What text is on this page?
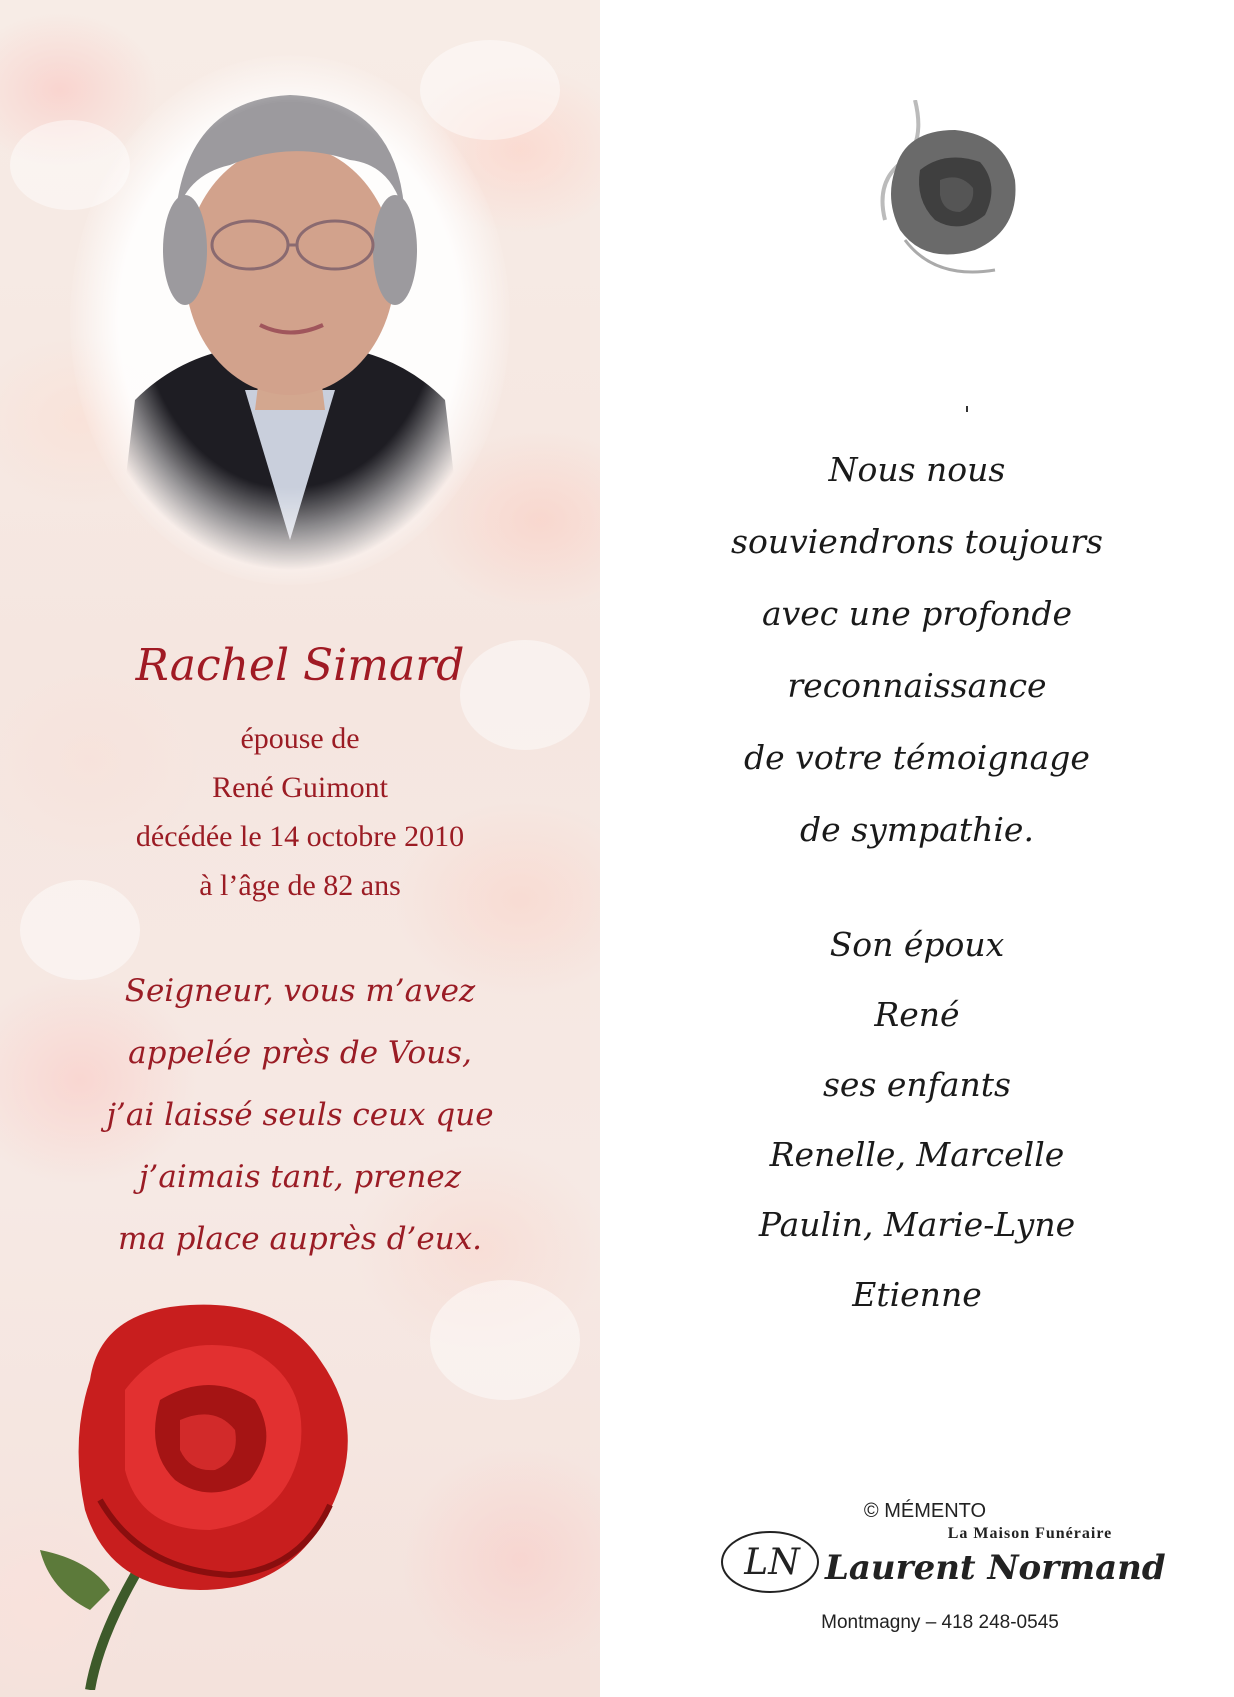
Rachel Simard
épouse de
René Guimont
décédée le 14 octobre 2010
à l’âge de 82 ans
Seigneur, vous m’avez
appelée près de Vous,
j’ai laissé seuls ceux que
j’aimais tant, prenez
ma place auprès d’eux.
Nous nous
souviendrons toujours
avec une profonde
reconnaissance
de votre témoignage
de sympathie.
Son époux
René
ses enfants
Renelle, Marcelle
Paulin, Marie-Lyne
Etienne
© MÉMENTO
La Maison Funéraire
LN Laurent Normand
Montmagny – 418 248-0545
